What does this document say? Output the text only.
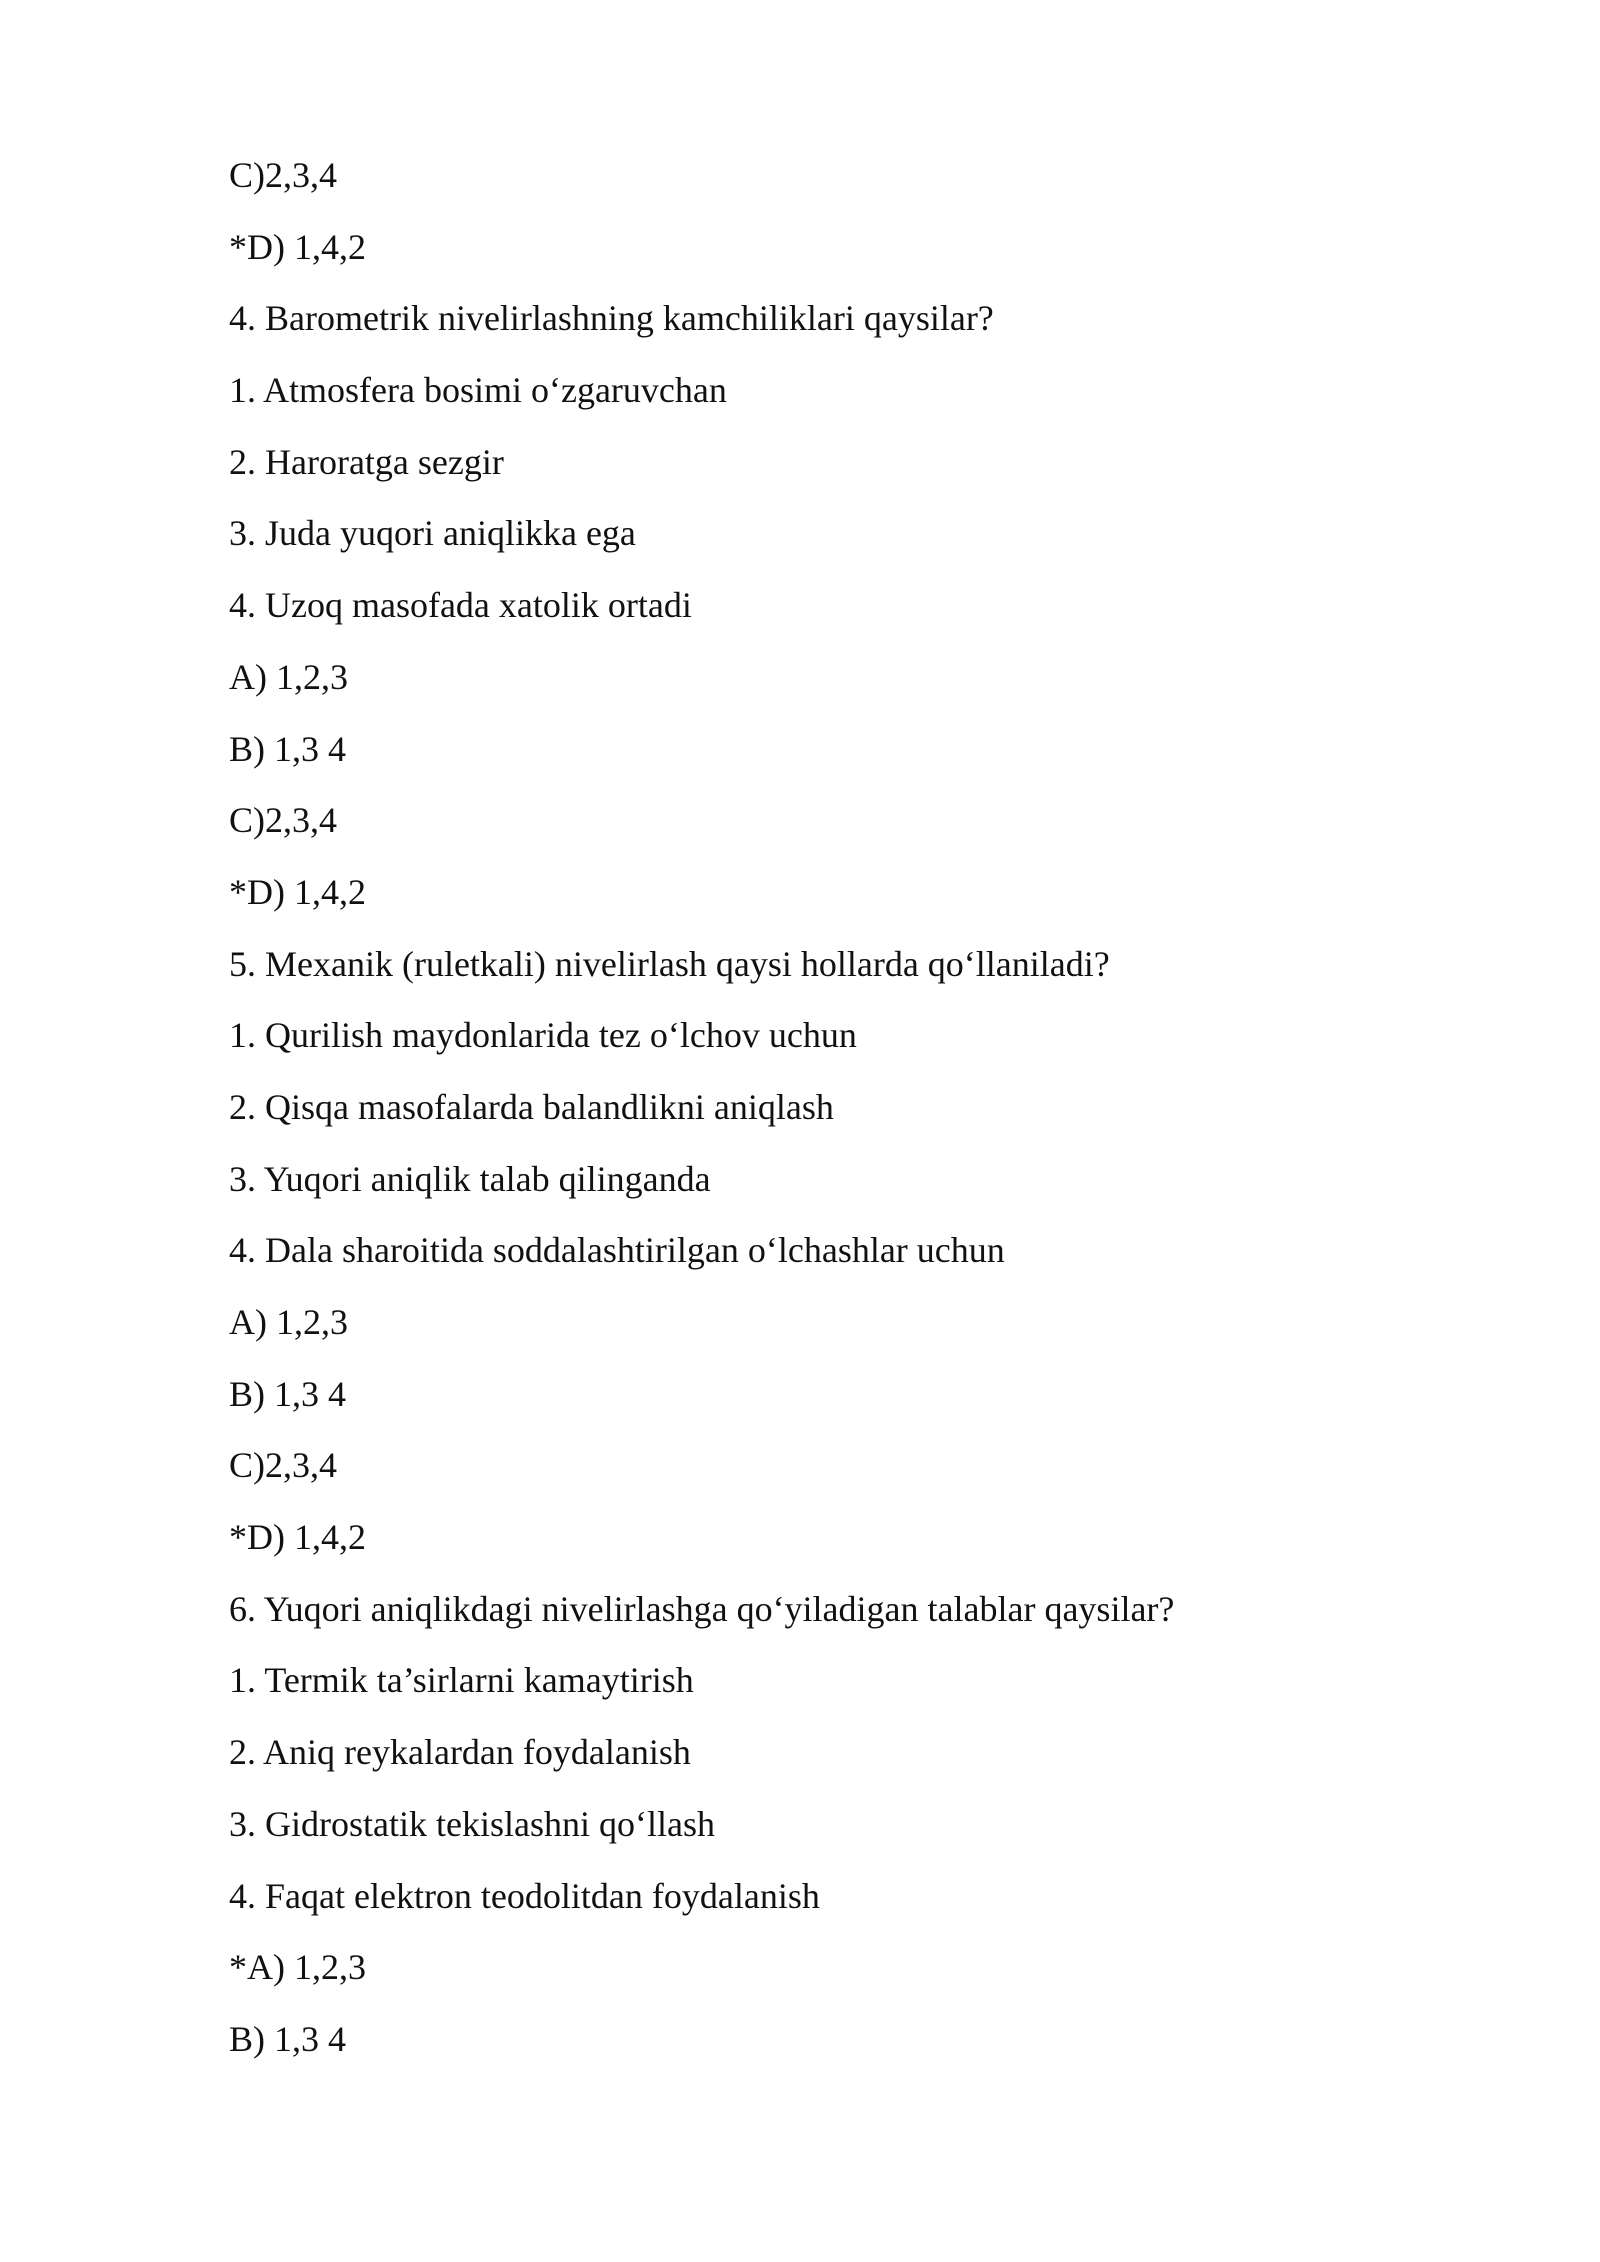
C)2,3,4
*D) 1,4,2
4. Barometrik nivelirlashning kamchiliklari qaysilar?
1. Atmosfera bosimi o‘zgaruvchan
2. Haroratga sezgir
3. Juda yuqori aniqlikka ega
4. Uzoq masofada xatolik ortadi
A) 1,2,3
B) 1,3 4
C)2,3,4
*D) 1,4,2
5. Mexanik (ruletkali) nivelirlash qaysi hollarda qo‘llaniladi?
1. Qurilish maydonlarida tez o‘lchov uchun
2. Qisqa masofalarda balandlikni aniqlash
3. Yuqori aniqlik talab qilinganda
4. Dala sharoitida soddalashtirilgan o‘lchashlar uchun
A) 1,2,3
B) 1,3 4
C)2,3,4
*D) 1,4,2
6. Yuqori aniqlikdagi nivelirlashga qo‘yiladigan talablar qaysilar?
1. Termik ta’sirlarni kamaytirish
2. Aniq reykalardan foydalanish
3. Gidrostatik tekislashni qo‘llash
4. Faqat elektron teodolitdan foydalanish
*A) 1,2,3
B) 1,3 4
